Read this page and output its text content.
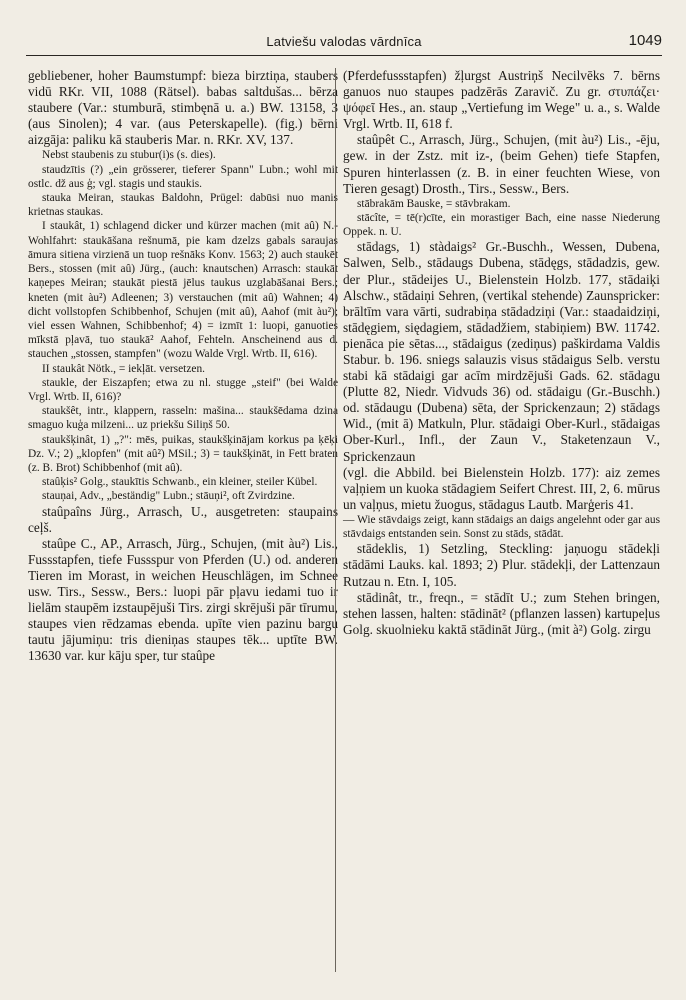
Latviešu valodas vārdnīca	1049

gebliebener, hoher Baumstumpf: bieza birztiņa, staubers vidū RKr. VII, 1088 (Rätsel). babas saltdušas... bērza staubere (Var.: stumburā, stimbęnā u. a.) BW. 13158, 3 (aus Sinolen); 4 var. (aus Peterskapelle). (fig.) bērni aizgāja: paliku kā stauberis Mar. n. RKr. XV, 137.

Nebst staubenis zu stubur(i)s (s. dies).

staudzītis (?) „ein grösserer, tieferer Spann" Lubn.; wohl mit ostlc. dž aus ģ; vgl. stagis und staukis.

stauka Meiran, staukas Baldohn, Prügel: dabūsi nuo manis krietnas staukas.

I staukât, 1) schlagend dicker und kürzer machen (mit aû) N.-Wohlfahrt: staukāšana rešnumā, pie kam dzelzs gabals saraujas āmura sitiena virzienā un tuop rešnāks Konv. 1563; 2) auch staukēt Bers., stossen (mit aû) Jürg., (auch: knautschen) Arrasch: staukāt kaņepes Meiran; staukāt piestā jēlus taukus uzglabāšanai Bers.; kneten (mit àu²) Adleenen; 3) verstauchen (mit aû) Wahnen; 4) dicht vollstopfen Schibbenhof, Schujen (mit aû), Aahof (mit àu²); viel essen Wahnen, Schibbenhof; 4) = izmīt 1: luopi, ganuoties mīkstā pļavā, tuo staukā² Aahof, Fehteln. Anscheinend aus d. stauchen „stossen, stampfen" (wozu Walde Vrgl. Wrtb. II, 616).

II staukât Nötk., = iekļāt. versetzen.

staukle, der Eiszapfen; etwa zu nl. stugge „steif" (bei Walde Vrgl. Wrtb. II, 616)?

staukšêt, intr., klappern, rasseln: mašina... staukšēdama dzina smaguo kuģa milzeni... uz priekšu Siliņš 50.

staukšķinât, 1) „?": mēs, puikas, staukšķinājam korkus pa ķēķi Dz. V.; 2) „klopfen" (mit aû²) MSil.; 3) = taukšķināt, in Fett braten (z. B. Brot) Schibbenhof (mit aû).

staûķis² Golg., staukītis Schwanb., ein kleiner, steiler Kübel.

stauņai, Adv., „beständig" Lubn.; stāuņi², oft Zvirdzine.

staûpaîns Jürg., Arrasch, U., ausgetreten: staupains ceļš.

staûpe C., AP., Arrasch, Jürg., Schujen, (mit àu²) Lis., Fussstapfen, tiefe Fussspur von Pferden (U.) od. anderen Tieren im Morast, in weichen Heuschlägen, im Schnee usw. Tirs., Sessw., Bers.: luopi pār pļavu iedami tuo ir lielām staupēm izstaupējuši Tirs. zirgi skrējuši pār tīrumu, staupes vien rēdzamas ebenda. upīte vien pazinu bargu tautu jājumiņu: tris dieniņas staupes tēk... uptīte BW. 13630 var. kur kāju sper, tur staûpe

(Pferdefussstapfen) žļurgst Austriņš Necilvēks 7. bērns ganuos nuo staupes padzērās Zaravič. Zu gr. στυπάζει· ψόφεῖ Hes., an. staup „Vertiefung im Wege" u. a., s. Walde Vrgl. Wrtb. II, 618 f.

staûpêt C., Arrasch, Jürg., Schujen, (mit àu²) Lis., -ēju, gew. in der Zstz. mit iz-, (beim Gehen) tiefe Stapfen, Spuren hinterlassen (z. B. in einer feuchten Wiese, von Tieren gesagt) Drosth., Tirs., Sessw., Bers.

stābrakām Bauske, = stāvbrakam.

stācîte, = tē(r)cīte, ein morastiger Bach, eine nasse Niederung Oppek. n. U.

stādags, 1) stàdaigs² Gr.-Buschh., Wessen, Dubena, Salwen, Selb., stādaugs Dubena, stādęgs, stādadzis, gew. der Plur., stādeijes U., Bielenstein Holzb. 177, stādaiķi Alschw., stādaiņi Sehren, (vertikal stehende) Zaunspricker: brāltīm vara vārti, sudrabiņa stādadziņi (Var.: staadaidziņi, stādęgiem, siędagiem, stādadžiem, stabiņiem) BW. 11742. pienāca pie sētas..., stādaigus (zediņus) paškirdama Valdis Stabur. b. 196. sniegs salauzis visus stādaigus Selb. verstu stabi kā stādaigi gar acīm mirdzējuši Gads. 62. stādagu (Plutte 82, Niedr. Vidvuds 36) od. stādaigu (Gr.-Buschh.) od. stādaugu (Dubena) sēta, der Sprickenzaun; 2) stādags Wid., (mit ā) Matkuln, Plur. stādaigi Ober-Kurl., stādaigas Ober-Kurl., Infl., der Zaun V., Staketenzaun V., Sprickenzaun

(vgl. die Abbild. bei Bielenstein Holzb. 177): aiz zemes vaļņiem un kuoka stādagiem Seifert Chrest. III, 2, 6. mūrus un vaļņus, mietu žuogus, stādagus Lautb. Marģeris 41.

— Wie stāvdaigs zeigt, kann stādaigs an daigs angelehnt oder gar aus stāvdaigs entstanden sein. Sonst zu stāds, stādāt.

stādeklis, 1) Setzling, Steckling: jaņuogu stādekļi stādāmi Lauks. kal. 1893; 2) Plur. stādekļi, der Lattenzaun Rutzau n. Etn. I, 105.

stādinât, tr., freqn., = stādīt U.; zum Stehen bringen, stehen lassen, halten: stādināt² (pflanzen lassen) kartupeļus Golg. skuolnieku kaktā stādināt Jürg., (mit à²) Golg. zirgu
